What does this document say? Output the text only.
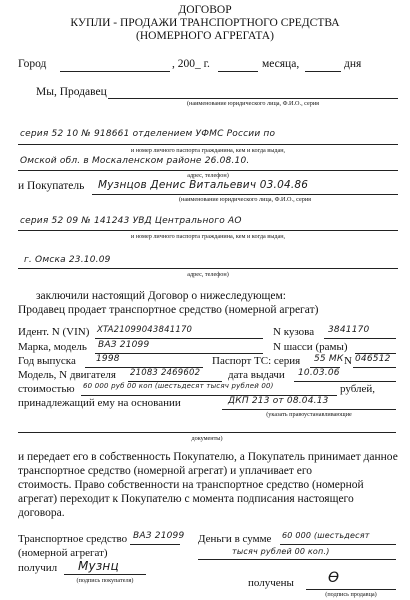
ДОГОВОР
КУПЛИ - ПРОДАЖИ ТРАНСПОРТНОГО СРЕДСТВА
(НОМЕРНОГО АГРЕГАТА)
Город	, 200_ г.	месяца,	дня
Мы, Продавец
(наименование юридического лица, Ф.И.О., серия
серия 52 10 № 918661 отделением УФМС России по
и номер личного паспорта гражданина, кем и когда выдан,
Омской обл. в Москаленском районе 26.08.10.
адрес, телефон)
и Покупатель Музнцов Денис Витальевич 03.04.86
(наименование юридического лица, Ф.И.О., серия
серия 52 09 № 141243 УВД Центрального АО
и номер личного паспорта гражданина, кем и когда выдан,
г. Омска 23.10.09
адрес, телефон)
заключили настоящий Договор о нижеследующем:
Продавец продает транспортное средство (номерной агрегат)
Идент. N (VIN) XTA21099043841170	N кузова 3841170
Марка, модель ВАЗ 21099	N шасси (рамы)
Год выпуска 1998	Паспорт ТС: серия 55 МК N 046512
Модель, N двигателя 21083 2469602	дата выдачи 10.03.06
стоимостью 60 000 руб 00 коп (шестьдесят тысяч рублей 00)	рублей,
принадлежащий ему на основании	ДКП 213 от 08.04.13
(указать правоустанавливающие
документы)
и передает его в собственность Покупателю, а Покупатель принимает данное
транспортное средство (номерной агрегат) и уплачивает его
стоимость. Право собственности на транспортное средство (номерной
агрегат) переходит к Покупателю с момента подписания настоящего
договора.
Транспортное средство ВАЗ 21099
(номерной агрегат)
получил Музнц
(подпись покупателя)
Деньги в сумме 60 000 (шестьдесят
тысяч рублей 00 коп.)
получены Ѳ
(подпись продавца)
